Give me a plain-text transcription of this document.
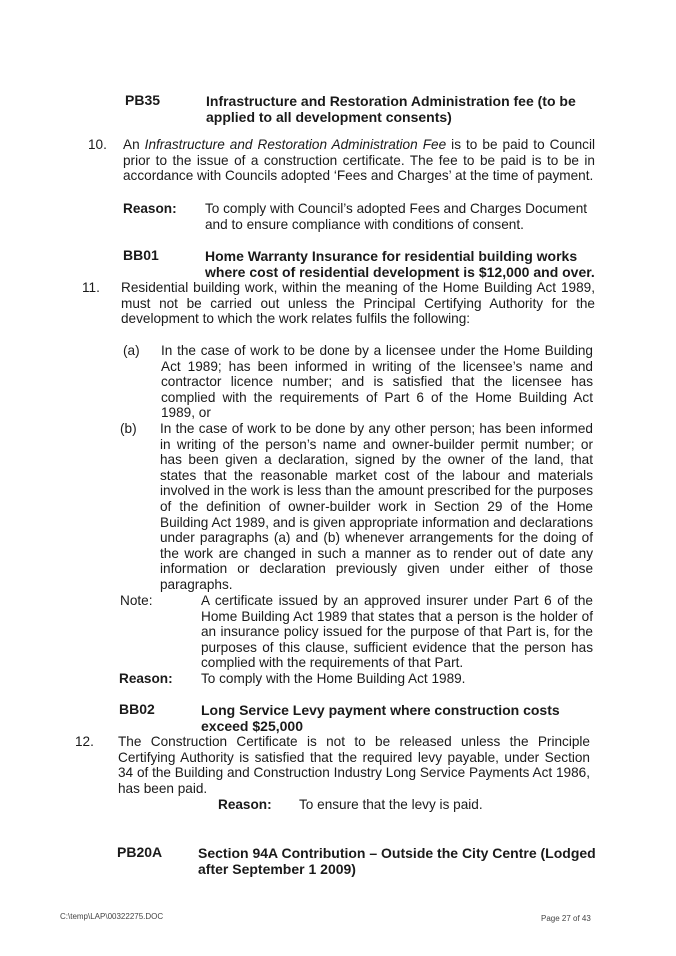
PB35	Infrastructure and Restoration Administration fee (to be applied to all development consents)
10. An Infrastructure and Restoration Administration Fee is to be paid to Council prior to the issue of a construction certificate. The fee to be paid is to be in accordance with Councils adopted ‘Fees and Charges’ at the time of payment.
Reason: To comply with Council’s adopted Fees and Charges Document and to ensure compliance with conditions of consent.
BB01	Home Warranty Insurance for residential building works where cost of residential development is $12,000 and over.
11. Residential building work, within the meaning of the Home Building Act 1989, must not be carried out unless the Principal Certifying Authority for the development to which the work relates fulfils the following:
(a) In the case of work to be done by a licensee under the Home Building Act 1989; has been informed in writing of the licensee’s name and contractor licence number; and is satisfied that the licensee has complied with the requirements of Part 6 of the Home Building Act 1989, or
(b) In the case of work to be done by any other person; has been informed in writing of the person’s name and owner-builder permit number; or has been given a declaration, signed by the owner of the land, that states that the reasonable market cost of the labour and materials involved in the work is less than the amount prescribed for the purposes of the definition of owner-builder work in Section 29 of the Home Building Act 1989, and is given appropriate information and declarations under paragraphs (a) and (b) whenever arrangements for the doing of the work are changed in such a manner as to render out of date any information or declaration previously given under either of those paragraphs.
Note:	A certificate issued by an approved insurer under Part 6 of the Home Building Act 1989 that states that a person is the holder of an insurance policy issued for the purpose of that Part is, for the purposes of this clause, sufficient evidence that the person has complied with the requirements of that Part.
Reason: To comply with the Home Building Act 1989.
BB02	Long Service Levy payment where construction costs exceed $25,000
12. The Construction Certificate is not to be released unless the Principle Certifying Authority is satisfied that the required levy payable, under Section 34 of the Building and Construction Industry Long Service Payments Act 1986, has been paid.
Reason: To ensure that the levy is paid.
PB20A	Section 94A Contribution – Outside the City Centre (Lodged after September 1 2009)
C:\temp\LAP\00322275.DOC	Page 27 of 43
